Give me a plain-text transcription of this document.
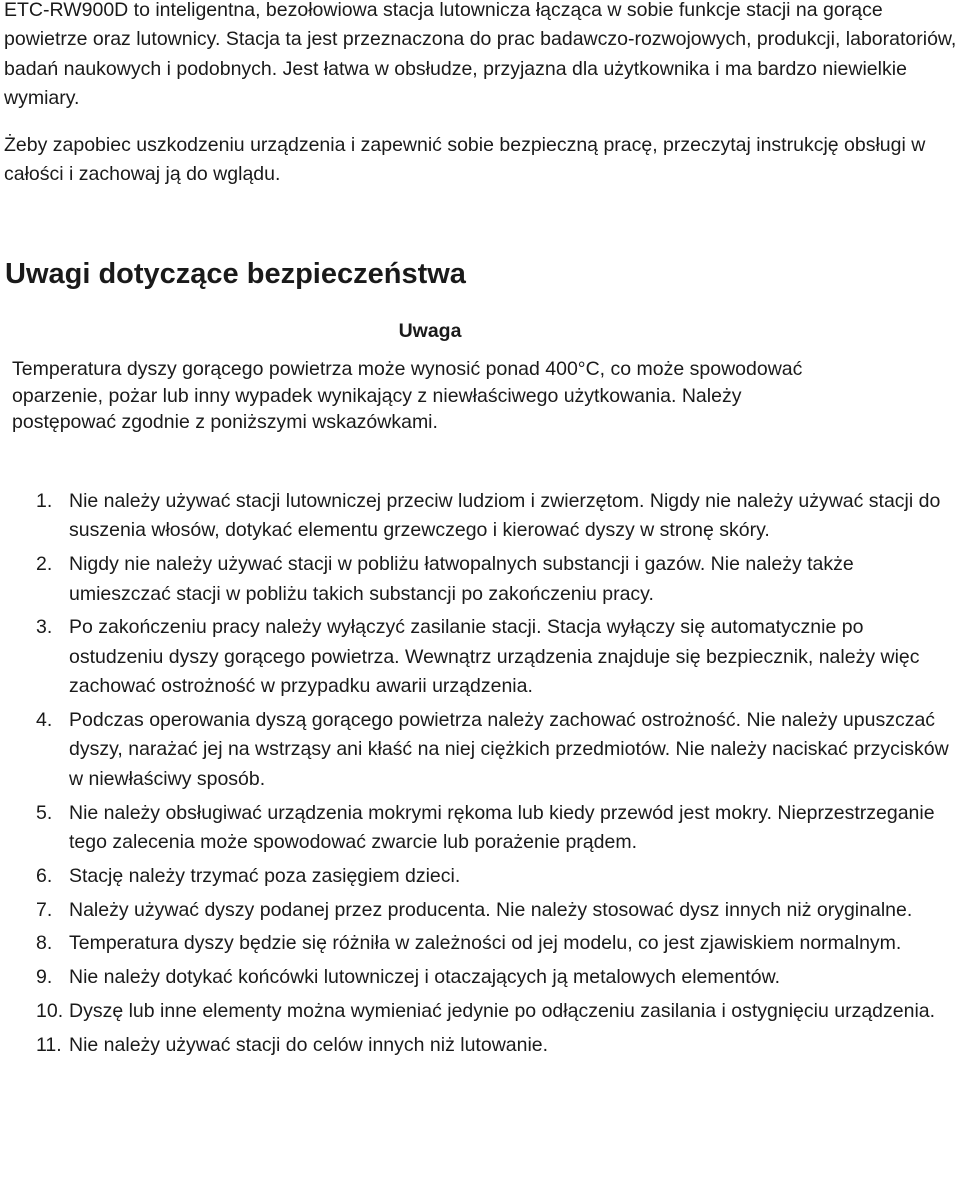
ETC-RW900D to inteligentna, bezołowiowa stacja lutownicza łącząca w sobie funkcje stacji na gorące powietrze oraz lutownicy. Stacja ta jest przeznaczona do prac badawczo-rozwojowych, produkcji, laboratoriów, badań naukowych i podobnych. Jest łatwa w obsłudze, przyjazna dla użytkownika i ma bardzo niewielkie wymiary.

Żeby zapobiec uszkodzeniu urządzenia i zapewnić sobie bezpieczną pracę, przeczytaj instrukcję obsługi w całości i zachowaj ją do wglądu.

Uwagi dotyczące bezpieczeństwa
Uwaga

Temperatura dyszy gorącego powietrza może wynosić ponad 400°C, co może spowodować oparzenie, pożar lub inny wypadek wynikający z niewłaściwego użytkowania. Należy postępować zgodnie z poniższymi wskazówkami.

1. Nie należy używać stacji lutowniczej przeciw ludziom i zwierzętom. Nigdy nie należy używać stacji do suszenia włosów, dotykać elementu grzewczego i kierować dyszy w stronę skóry.
2. Nigdy nie należy używać stacji w pobliżu łatwopalnych substancji i gazów. Nie należy także umieszczać stacji w pobliżu takich substancji po zakończeniu pracy.
3. Po zakończeniu pracy należy wyłączyć zasilanie stacji. Stacja wyłączy się automatycznie po ostudzeniu dyszy gorącego powietrza. Wewnątrz urządzenia znajduje się bezpiecznik, należy więc zachować ostrożność w przypadku awarii urządzenia.
4. Podczas operowania dyszą gorącego powietrza należy zachować ostrożność. Nie należy upuszczać dyszy, narażać jej na wstrząsy ani kłaść na niej ciężkich przedmiotów. Nie należy naciskać przycisków w niewłaściwy sposób.
5. Nie należy obsługiwać urządzenia mokrymi rękoma lub kiedy przewód jest mokry. Nieprzestrzeganie tego zalecenia może spowodować zwarcie lub porażenie prądem.
6. Stację należy trzymać poza zasięgiem dzieci.
7. Należy używać dyszy podanej przez producenta. Nie należy stosować dysz innych niż oryginalne.
8. Temperatura dyszy będzie się różniła w zależności od jej modelu, co jest zjawiskiem normalnym.
9. Nie należy dotykać końcówki lutowniczej i otaczających ją metalowych elementów.
10. Dyszę lub inne elementy można wymieniać jedynie po odłączeniu zasilania i ostygnięciu urządzenia.
11. Nie należy używać stacji do celów innych niż lutowanie.
